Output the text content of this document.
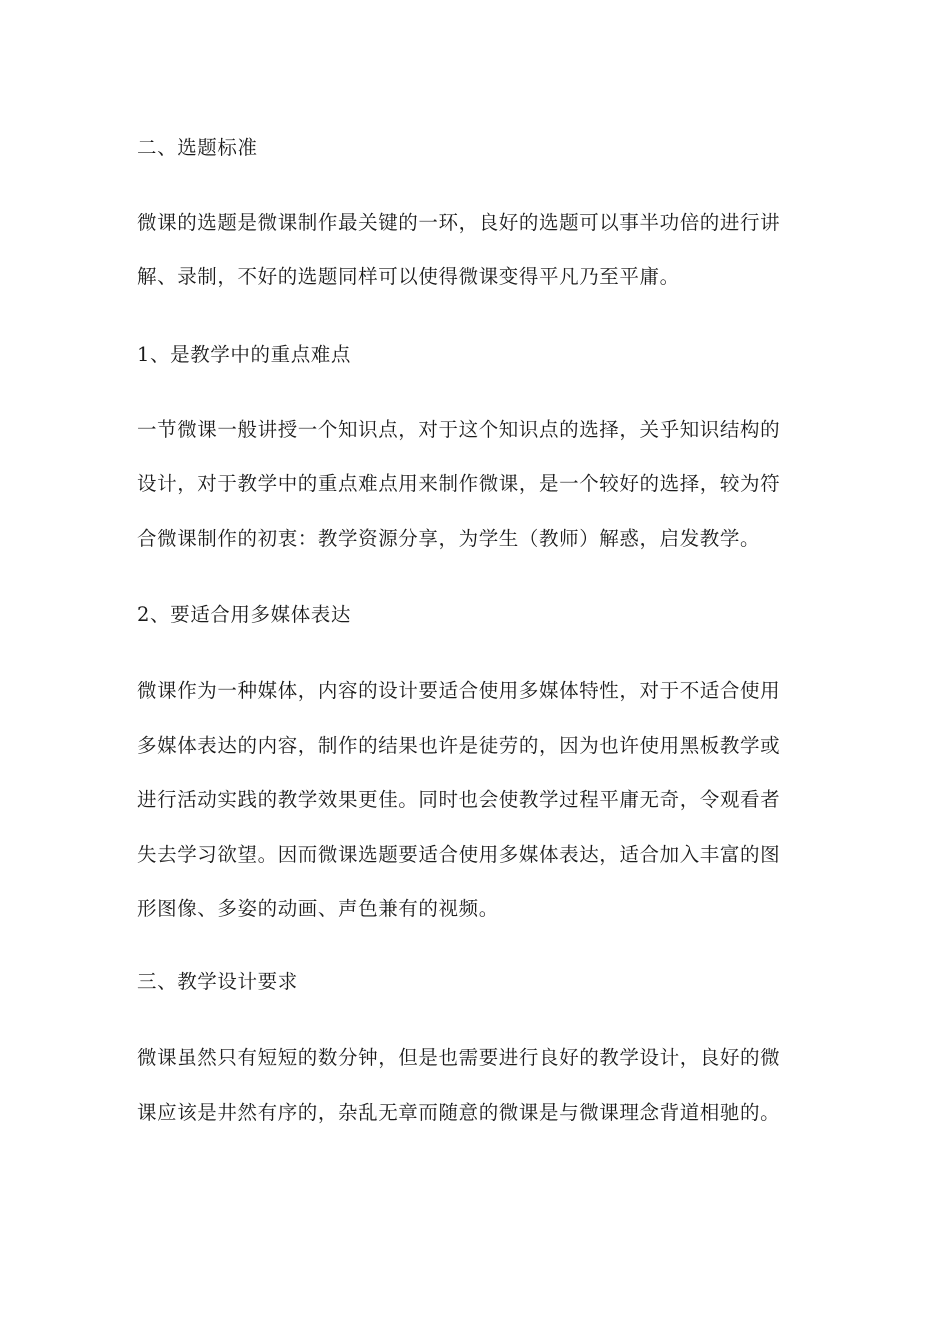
二、选题标准

微课的选题是微课制作最关键的一环，良好的选题可以事半功倍的进行讲

解、录制，不好的选题同样可以使得微课变得平凡乃至平庸。

1、是教学中的重点难点

一节微课一般讲授一个知识点，对于这个知识点的选择，关乎知识结构的

设计，对于教学中的重点难点用来制作微课，是一个较好的选择，较为符

合微课制作的初衷：教学资源分享，为学生（教师）解惑，启发教学。

2、要适合用多媒体表达

微课作为一种媒体，内容的设计要适合使用多媒体特性，对于不适合使用

多媒体表达的内容，制作的结果也许是徒劳的，因为也许使用黑板教学或

进行活动实践的教学效果更佳。同时也会使教学过程平庸无奇，令观看者

失去学习欲望。因而微课选题要适合使用多媒体表达，适合加入丰富的图

形图像、多姿的动画、声色兼有的视频。

三、教学设计要求

微课虽然只有短短的数分钟，但是也需要进行良好的教学设计，良好的微

课应该是井然有序的，杂乱无章而随意的微课是与微课理念背道相驰的。
